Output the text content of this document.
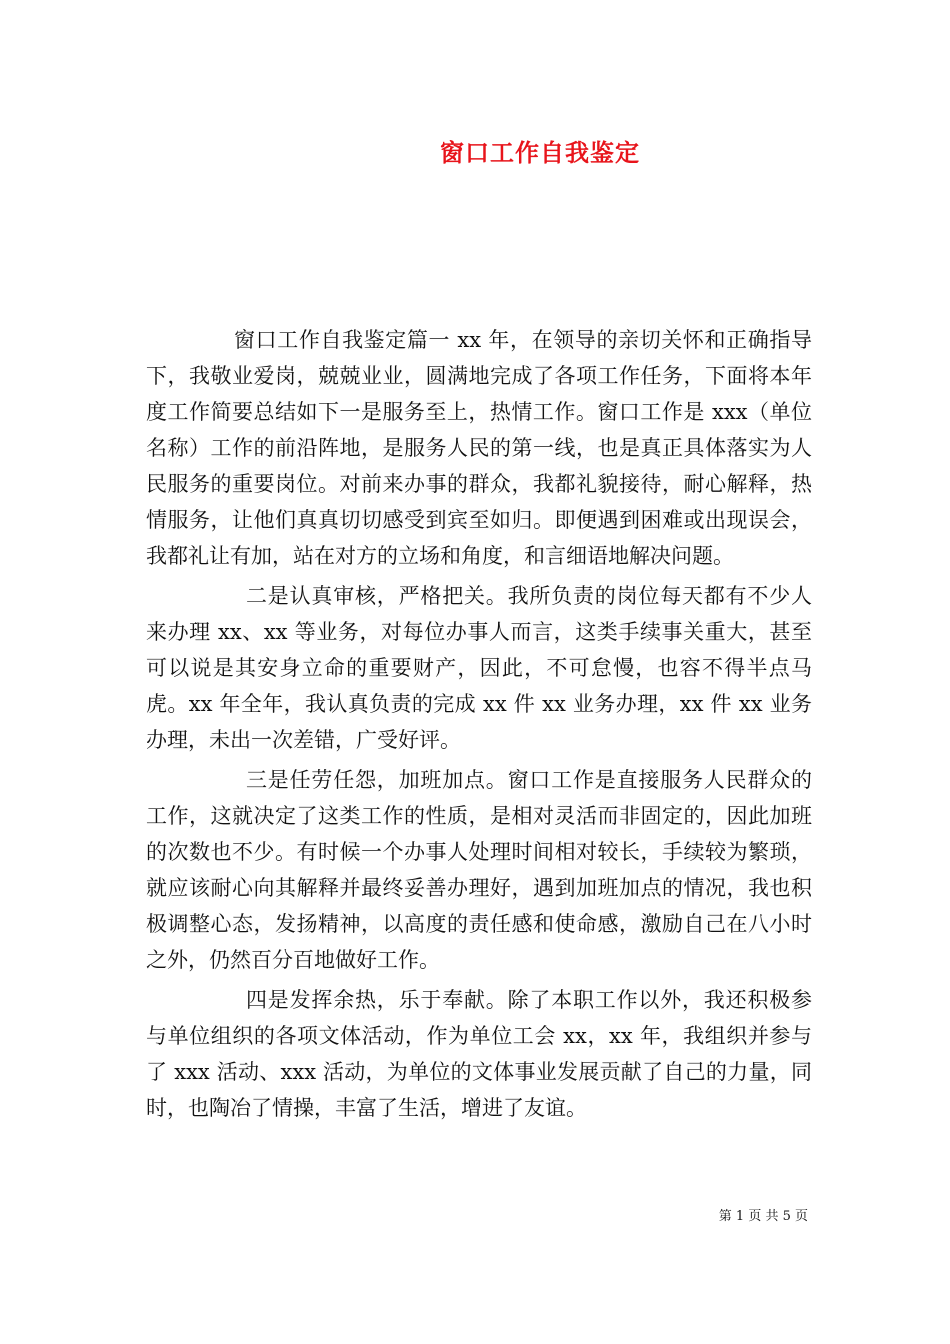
窗口工作自我鉴定

窗口工作自我鉴定篇一 xx 年，在领导的亲切关怀和正确指导下，我敬业爱岗，兢兢业业，圆满地完成了各项工作任务，下面将本年度工作简要总结如下一是服务至上，热情工作。窗口工作是 xxx（单位名称）工作的前沿阵地，是服务人民的第一线，也是真正具体落实为人民服务的重要岗位。对前来办事的群众，我都礼貌接待，耐心解释，热情服务，让他们真真切切感受到宾至如归。即便遇到困难或出现误会，我都礼让有加，站在对方的立场和角度，和言细语地解决问题。

二是认真审核，严格把关。我所负责的岗位每天都有不少人来办理 xx、xx 等业务，对每位办事人而言，这类手续事关重大，甚至可以说是其安身立命的重要财产，因此，不可怠慢，也容不得半点马虎。xx 年全年，我认真负责的完成 xx 件 xx 业务办理，xx 件 xx 业务办理，未出一次差错，广受好评。

三是任劳任怨，加班加点。窗口工作是直接服务人民群众的工作，这就决定了这类工作的性质，是相对灵活而非固定的，因此加班的次数也不少。有时候一个办事人处理时间相对较长，手续较为繁琐，就应该耐心向其解释并最终妥善办理好，遇到加班加点的情况，我也积极调整心态，发扬精神，以高度的责任感和使命感，激励自己在八小时之外，仍然百分百地做好工作。

四是发挥余热，乐于奉献。除了本职工作以外，我还积极参与单位组织的各项文体活动，作为单位工会 xx，xx 年，我组织并参与了 xxx 活动、xxx 活动，为单位的文体事业发展贡献了自己的力量，同时，也陶冶了情操，丰富了生活，增进了友谊。

第 1 页 共 5 页
